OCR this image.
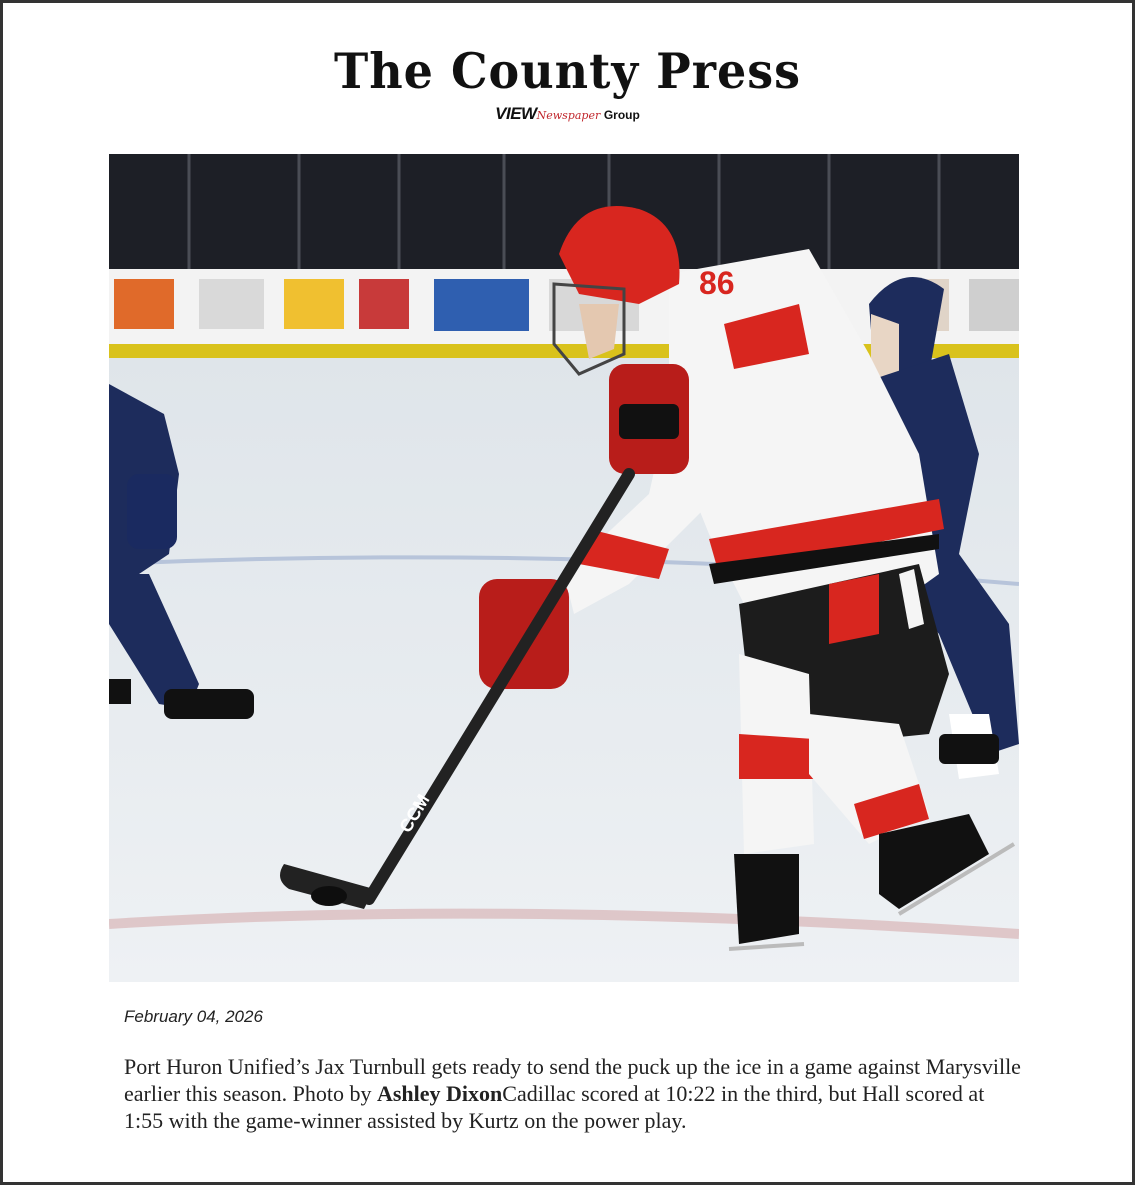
The County Press
VIEWNewspaper Group
86
CCM
February 04, 2026
Port Huron Unified’s Jax Turnbull gets ready to send the puck up the ice in a game against Marysville earlier this season. Photo by Ashley DixonCadillac scored at 10:22 in the third, but Hall scored at 1:55 with the game-winner assisted by Kurtz on the power play.
